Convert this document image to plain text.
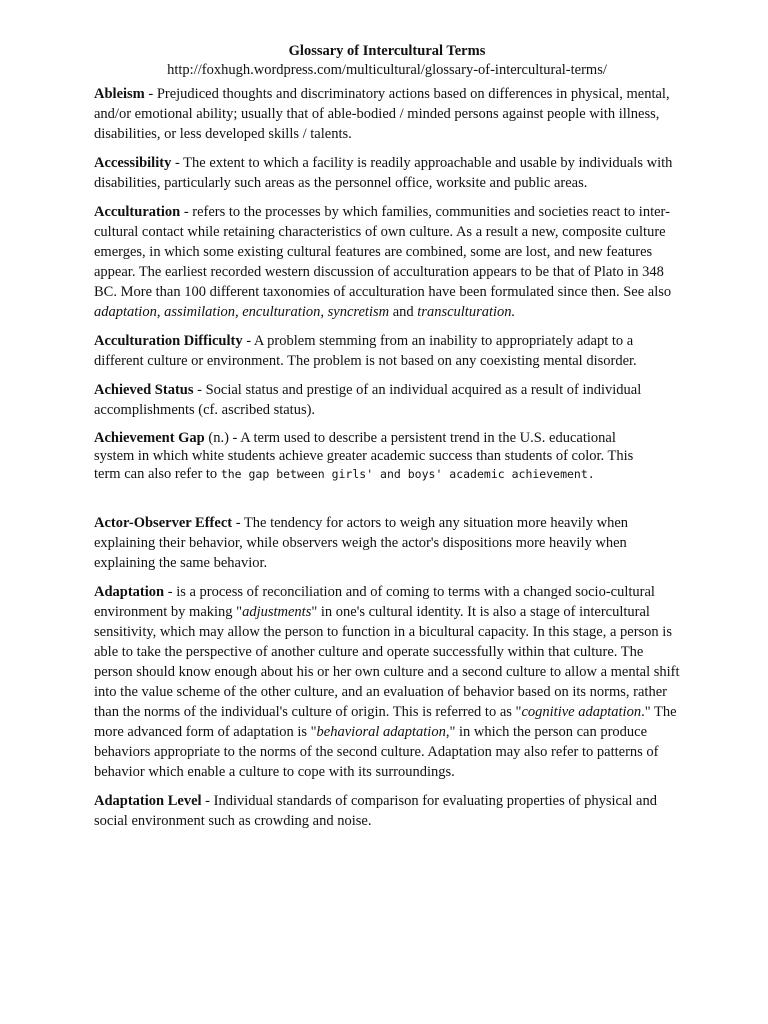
Glossary of Intercultural Terms
http://foxhugh.wordpress.com/multicultural/glossary-of-intercultural-terms/

Ableism - Prejudiced thoughts and discriminatory actions based on differences in physical, mental, and/or emotional ability; usually that of able-bodied / minded persons against people with illness, disabilities, or less developed skills / talents.

Accessibility - The extent to which a facility is readily approachable and usable by individuals with disabilities, particularly such areas as the personnel office, worksite and public areas.

Acculturation - refers to the processes by which families, communities and societies react to inter-cultural contact while retaining characteristics of own culture. As a result a new, composite culture emerges, in which some existing cultural features are combined, some are lost, and new features appear. The earliest recorded western discussion of acculturation appears to be that of Plato in 348 BC. More than 100 different taxonomies of acculturation have been formulated since then. See also adaptation, assimilation, enculturation, syncretism and transculturation.

Acculturation Difficulty - A problem stemming from an inability to appropriately adapt to a different culture or environment. The problem is not based on any coexisting mental disorder.

Achieved Status - Social status and prestige of an individual acquired as a result of individual accomplishments (cf. ascribed status).

Achievement Gap (n.) - A term used to describe a persistent trend in the U.S. educational
system in which white students achieve greater academic success than students of color. This
term can also refer to the gap between girls' and boys' academic achievement.

Actor-Observer Effect - The tendency for actors to weigh any situation more heavily when explaining their behavior, while observers weigh the actor's dispositions more heavily when explaining the same behavior.

Adaptation - is a process of reconciliation and of coming to terms with a changed socio-cultural environment by making "adjustments" in one's cultural identity. It is also a stage of intercultural sensitivity, which may allow the person to function in a bicultural capacity. In this stage, a person is able to take the perspective of another culture and operate successfully within that culture. The person should know enough about his or her own culture and a second culture to allow a mental shift into the value scheme of the other culture, and an evaluation of behavior based on its norms, rather than the norms of the individual's culture of origin. This is referred to as "cognitive adaptation." The more advanced form of adaptation is "behavioral adaptation," in which the person can produce behaviors appropriate to the norms of the second culture. Adaptation may also refer to patterns of behavior which enable a culture to cope with its surroundings.

Adaptation Level - Individual standards of comparison for evaluating properties of physical and social environment such as crowding and noise.
